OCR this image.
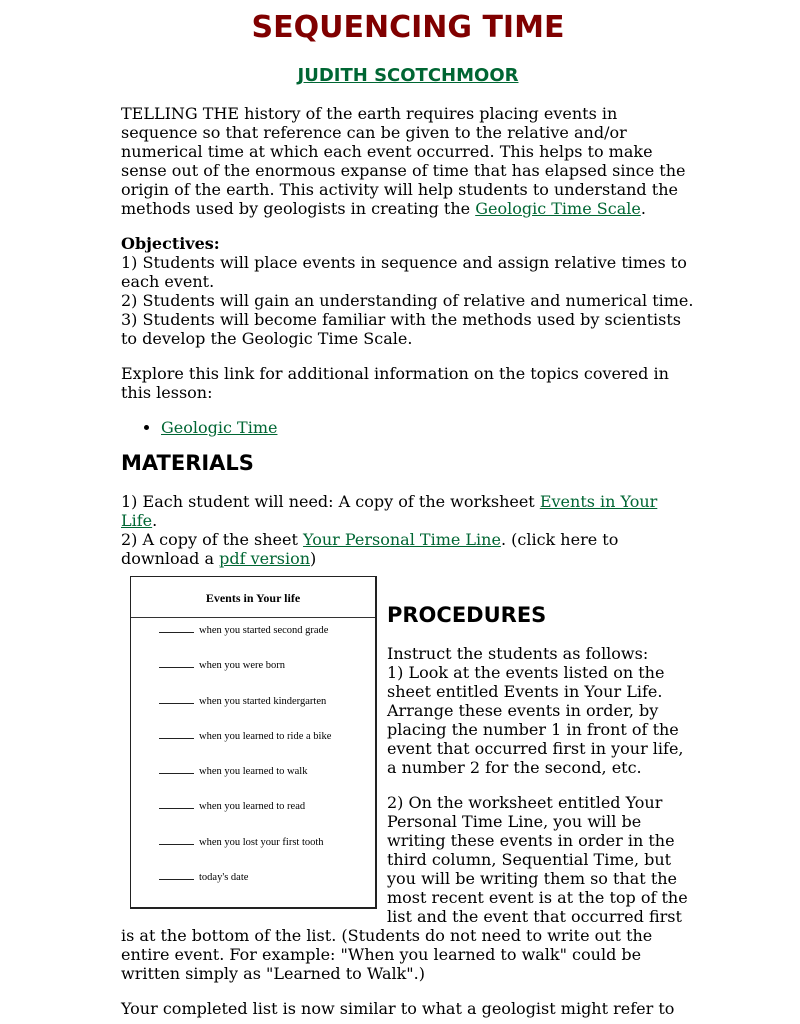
SEQUENCING TIME
JUDITH SCOTCHMOOR

TELLING THE history of the earth requires placing events in sequence so that reference can be given to the relative and/or numerical time at which each event occurred. This helps to make sense out of the enormous expanse of time that has elapsed since the origin of the earth. This activity will help students to understand the methods used by geologists in creating the Geologic Time Scale.

Objectives:
1) Students will place events in sequence and assign relative times to each event.
2) Students will gain an understanding of relative and numerical time.
3) Students will become familiar with the methods used by scientists to develop the Geologic Time Scale.

Explore this link for additional information on the topics covered in this lesson:

• Geologic Time
MATERIALS
1) Each student will need: A copy of the worksheet Events in Your Life.
2) A copy of the sheet Your Personal Time Line. (click here to download a pdf version)
Events in Your life
when you started second grade
when you were born
when you started kindergarten
when you learned to ride a bike
when you learned to walk
when you learned to read
when you lost your first tooth
today's date
PROCEDURES

Instruct the students as follows:
1) Look at the events listed on the sheet entitled Events in Your Life. Arrange these events in order, by placing the number 1 in front of the event that occurred first in your life, a number 2 for the second, etc.

2) On the worksheet entitled Your Personal Time Line, you will be writing these events in order in the third column, Sequential Time, but you will be writing them so that the most recent event is at the top of the list and the event that occurred first is at the bottom of the list. (Students do not need to write out the entire event. For example: "When you learned to walk" could be written simply as "Learned to Walk".)

Your completed list is now similar to what a geologist might refer to
